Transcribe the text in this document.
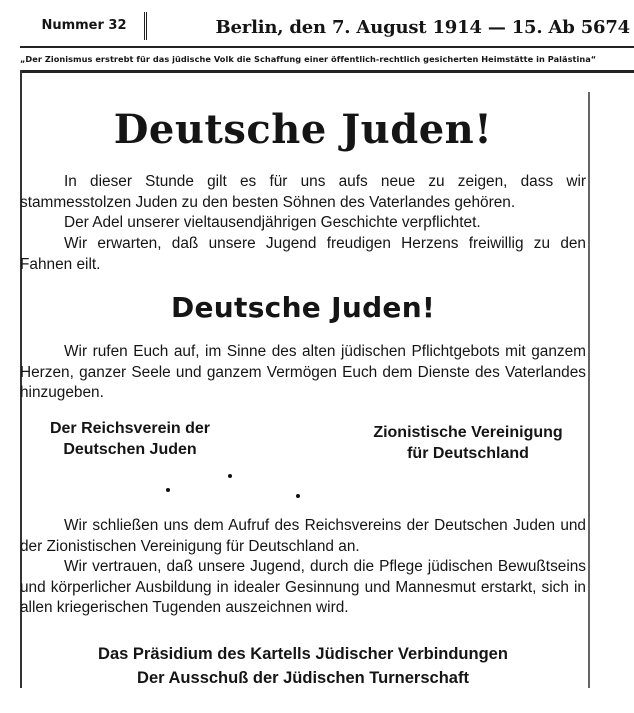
Nummer 32	Berlin, den 7. August 1914 — 15. Ab 5674
„Der Zionismus erstrebt für das jüdische Volk die Schaffung einer öffentlich-rechtlich gesicherten Heimstätte in Palästina“
Deutsche Juden!

In dieser Stunde gilt es für uns aufs neue zu zeigen, dass wir stammesstolzen Juden zu den besten Söhnen des Vaterlandes gehören.

Der Adel unserer vieltausendjährigen Geschichte verpflichtet.

Wir erwarten, daß unsere Jugend freudigen Herzens freiwillig zu den Fahnen eilt.

Deutsche Juden!

Wir rufen Euch auf, im Sinne des alten jüdischen Pflichtgebots mit ganzem Herzen, ganzer Seele und ganzem Vermögen Euch dem Dienste des Vaterlandes hinzugeben.

Der Reichsverein der
Deutschen Juden
Zionistische Vereinigung
für Deutschland

Wir schließen uns dem Aufruf des Reichsvereins der Deutschen Juden und der Zionistischen Vereinigung für Deutschland an.

Wir vertrauen, daß unsere Jugend, durch die Pflege jüdischen Bewußtseins und körperlicher Ausbildung in idealer Gesinnung und Mannesmut erstarkt, sich in allen kriegerischen Tugenden auszeichnen wird.

Das Präsidium des Kartells Jüdischer Verbindungen
Der Ausschuß der Jüdischen Turnerschaft
